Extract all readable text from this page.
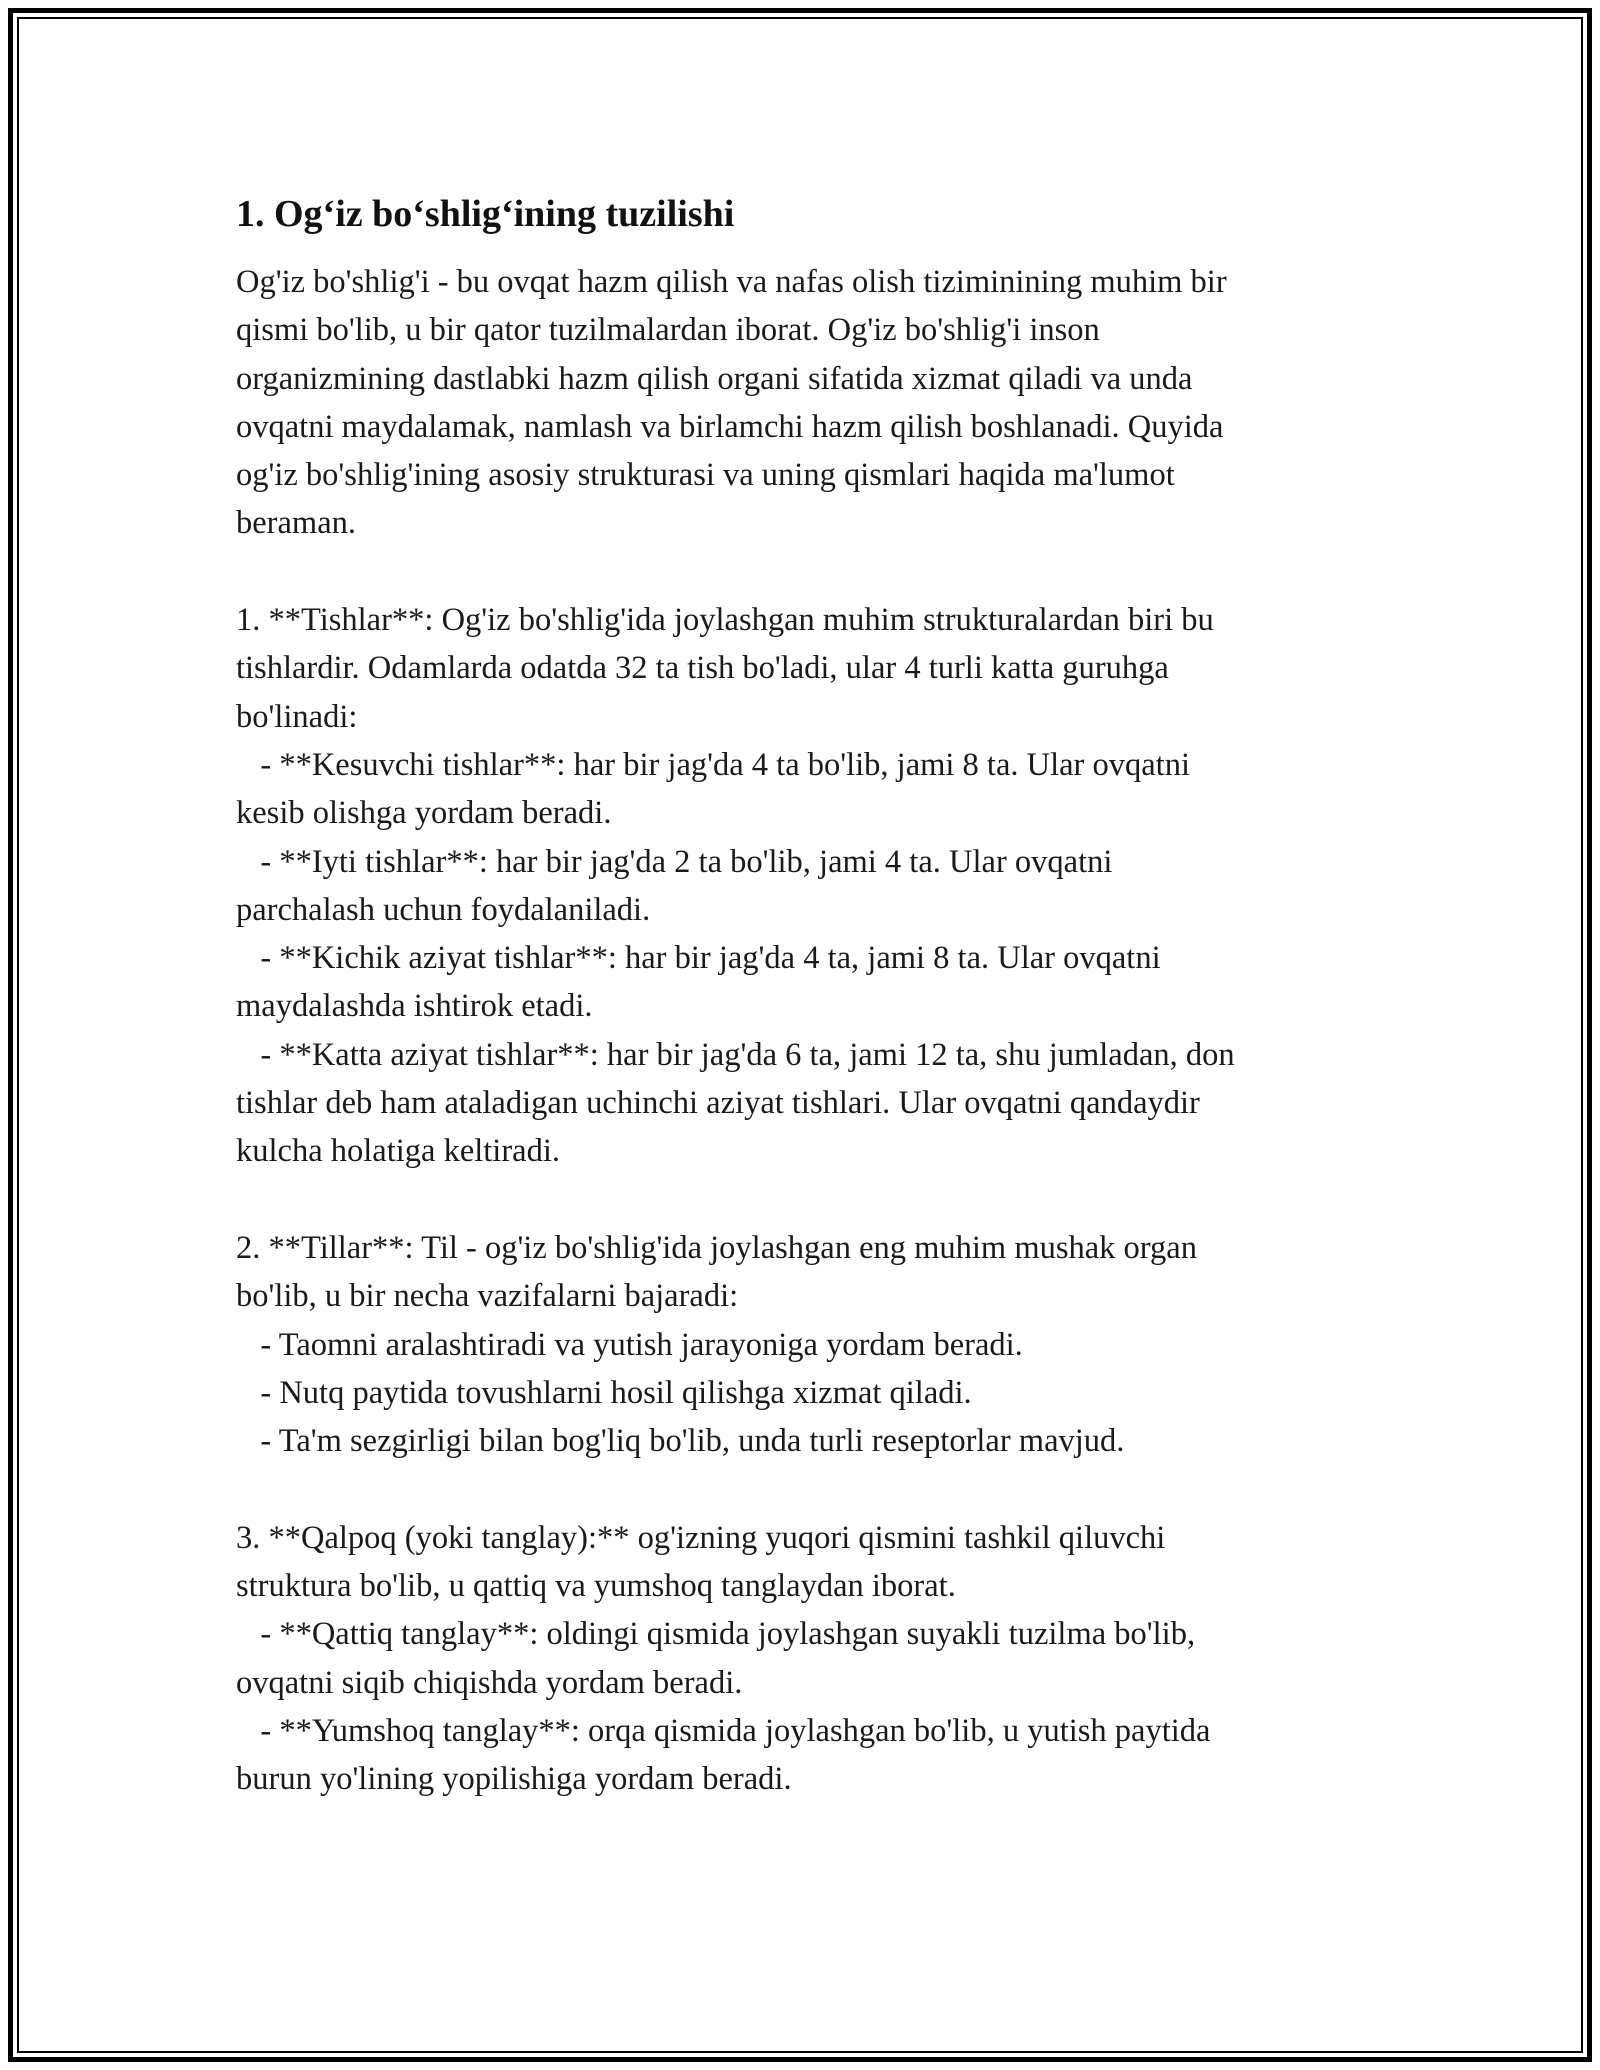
1. Og‘iz bo‘shlig‘ining tuzilishi
Og'iz bo'shlig'i - bu ovqat hazm qilish va nafas olish tiziminining muhim bir
qismi bo'lib, u bir qator tuzilmalardan iborat. Og'iz bo'shlig'i inson
organizmining dastlabki hazm qilish organi sifatida xizmat qiladi va unda
ovqatni maydalamak, namlash va birlamchi hazm qilish boshlanadi. Quyida
og'iz bo'shlig'ining asosiy strukturasi va uning qismlari haqida ma'lumot
beraman.
1. **Tishlar**: Og'iz bo'shlig'ida joylashgan muhim strukturalardan biri bu
tishlardir. Odamlarda odatda 32 ta tish bo'ladi, ular 4 turli katta guruhga
bo'linadi:
- **Kesuvchi tishlar**: har bir jag'da 4 ta bo'lib, jami 8 ta. Ular ovqatni
kesib olishga yordam beradi.
- **Iyti tishlar**: har bir jag'da 2 ta bo'lib, jami 4 ta. Ular ovqatni
parchalash uchun foydalaniladi.
- **Kichik aziyat tishlar**: har bir jag'da 4 ta, jami 8 ta. Ular ovqatni
maydalashda ishtirok etadi.
- **Katta aziyat tishlar**: har bir jag'da 6 ta, jami 12 ta, shu jumladan, don
tishlar deb ham ataladigan uchinchi aziyat tishlari. Ular ovqatni qandaydir
kulcha holatiga keltiradi.
2. **Tillar**: Til - og'iz bo'shlig'ida joylashgan eng muhim mushak organ
bo'lib, u bir necha vazifalarni bajaradi:
- Taomni aralashtiradi va yutish jarayoniga yordam beradi.
- Nutq paytida tovushlarni hosil qilishga xizmat qiladi.
- Ta'm sezgirligi bilan bog'liq bo'lib, unda turli reseptorlar mavjud.
3. **Qalpoq (yoki tanglay):** og'izning yuqori qismini tashkil qiluvchi
struktura bo'lib, u qattiq va yumshoq tanglaydan iborat.
- **Qattiq tanglay**: oldingi qismida joylashgan suyakli tuzilma bo'lib,
ovqatni siqib chiqishda yordam beradi.
- **Yumshoq tanglay**: orqa qismida joylashgan bo'lib, u yutish paytida
burun yo'lining yopilishiga yordam beradi.
